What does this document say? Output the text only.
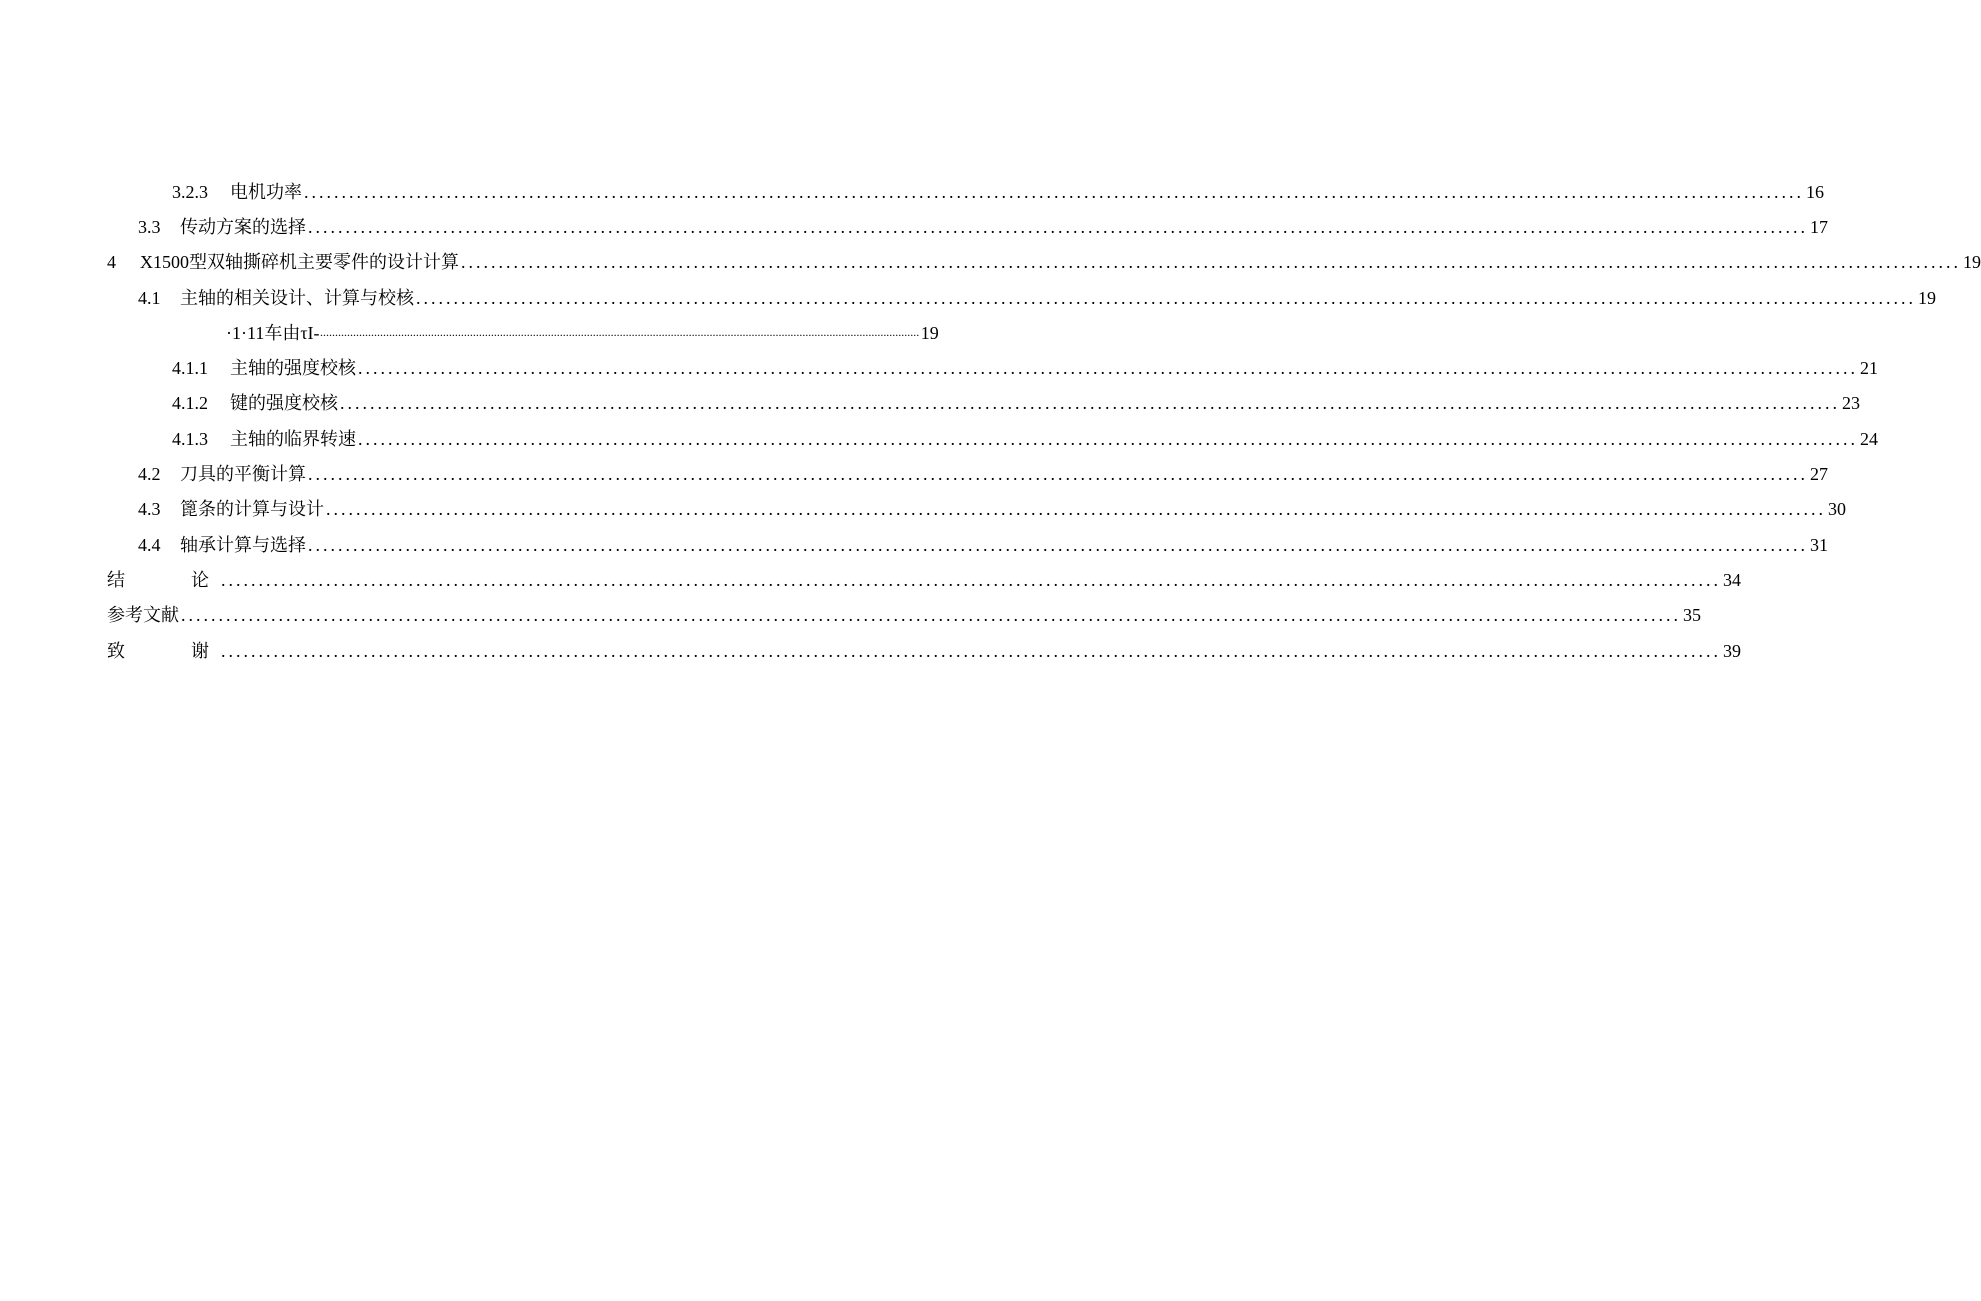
3.2.3	电机功率 ........................................................................................................................................................................................................ 16
3.3	传动方案的选择 ........................................................................................................................................................................................................ 17
4	X1500型双轴撕碎机主要零件的设计计算 ........................................................................................................................................................................................................ 19
4.1	主轴的相关设计、计算与校核 ........................................................................................................................................................................................................ 19
·1·11车由τI- ········································································································································································································ 19
4.1.1	主轴的强度校核 ........................................................................................................................................................................................................ 21
4.1.2	键的强度校核 ........................................................................................................................................................................................................ 23
4.1.3	主轴的临界转速 ........................................................................................................................................................................................................ 24
4.2	刀具的平衡计算 ........................................................................................................................................................................................................ 27
4.3	篦条的计算与设计 ........................................................................................................................................................................................................ 30
4.4	轴承计算与选择 ........................................................................................................................................................................................................ 31
结　　论 ........................................................................................................................................................................................................ 34
参考文献 ........................................................................................................................................................................................................ 35
致　　谢 ........................................................................................................................................................................................................ 39
